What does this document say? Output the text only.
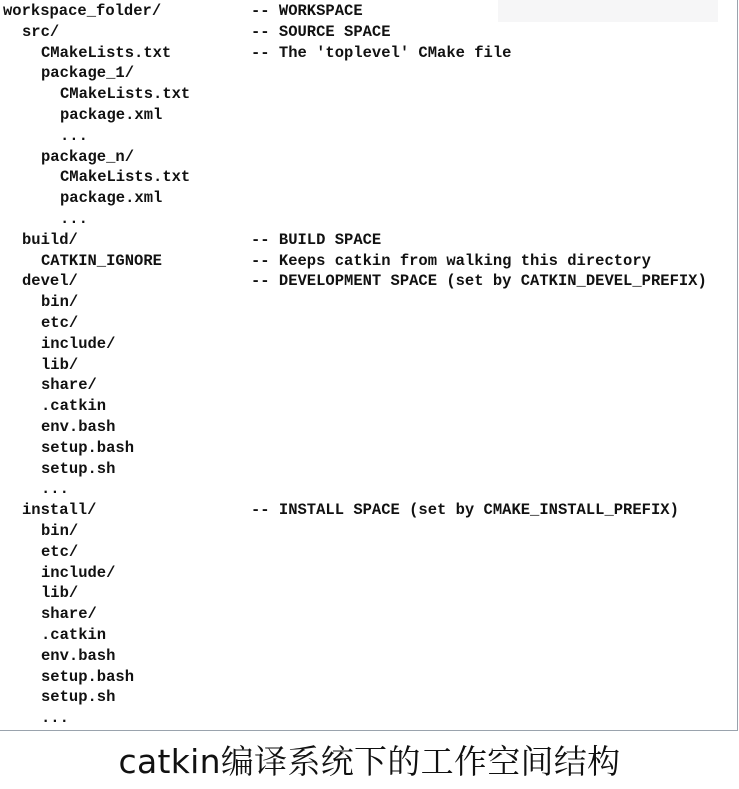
workspace_folder/	-- WORKSPACE
src/	-- SOURCE SPACE
CMakeLists.txt	-- The 'toplevel' CMake file
package_1/
CMakeLists.txt
package.xml
...
package_n/
CMakeLists.txt
package.xml
...
build/	-- BUILD SPACE
CATKIN_IGNORE	-- Keeps catkin from walking this directory
devel/	-- DEVELOPMENT SPACE (set by CATKIN_DEVEL_PREFIX)
bin/
etc/
include/
lib/
share/
.catkin
env.bash
setup.bash
setup.sh
...
install/	-- INSTALL SPACE (set by CMAKE_INSTALL_PREFIX)
bin/
etc/
include/
lib/
share/
.catkin
env.bash
setup.bash
setup.sh
...
catkin编译系统下的工作空间结构
